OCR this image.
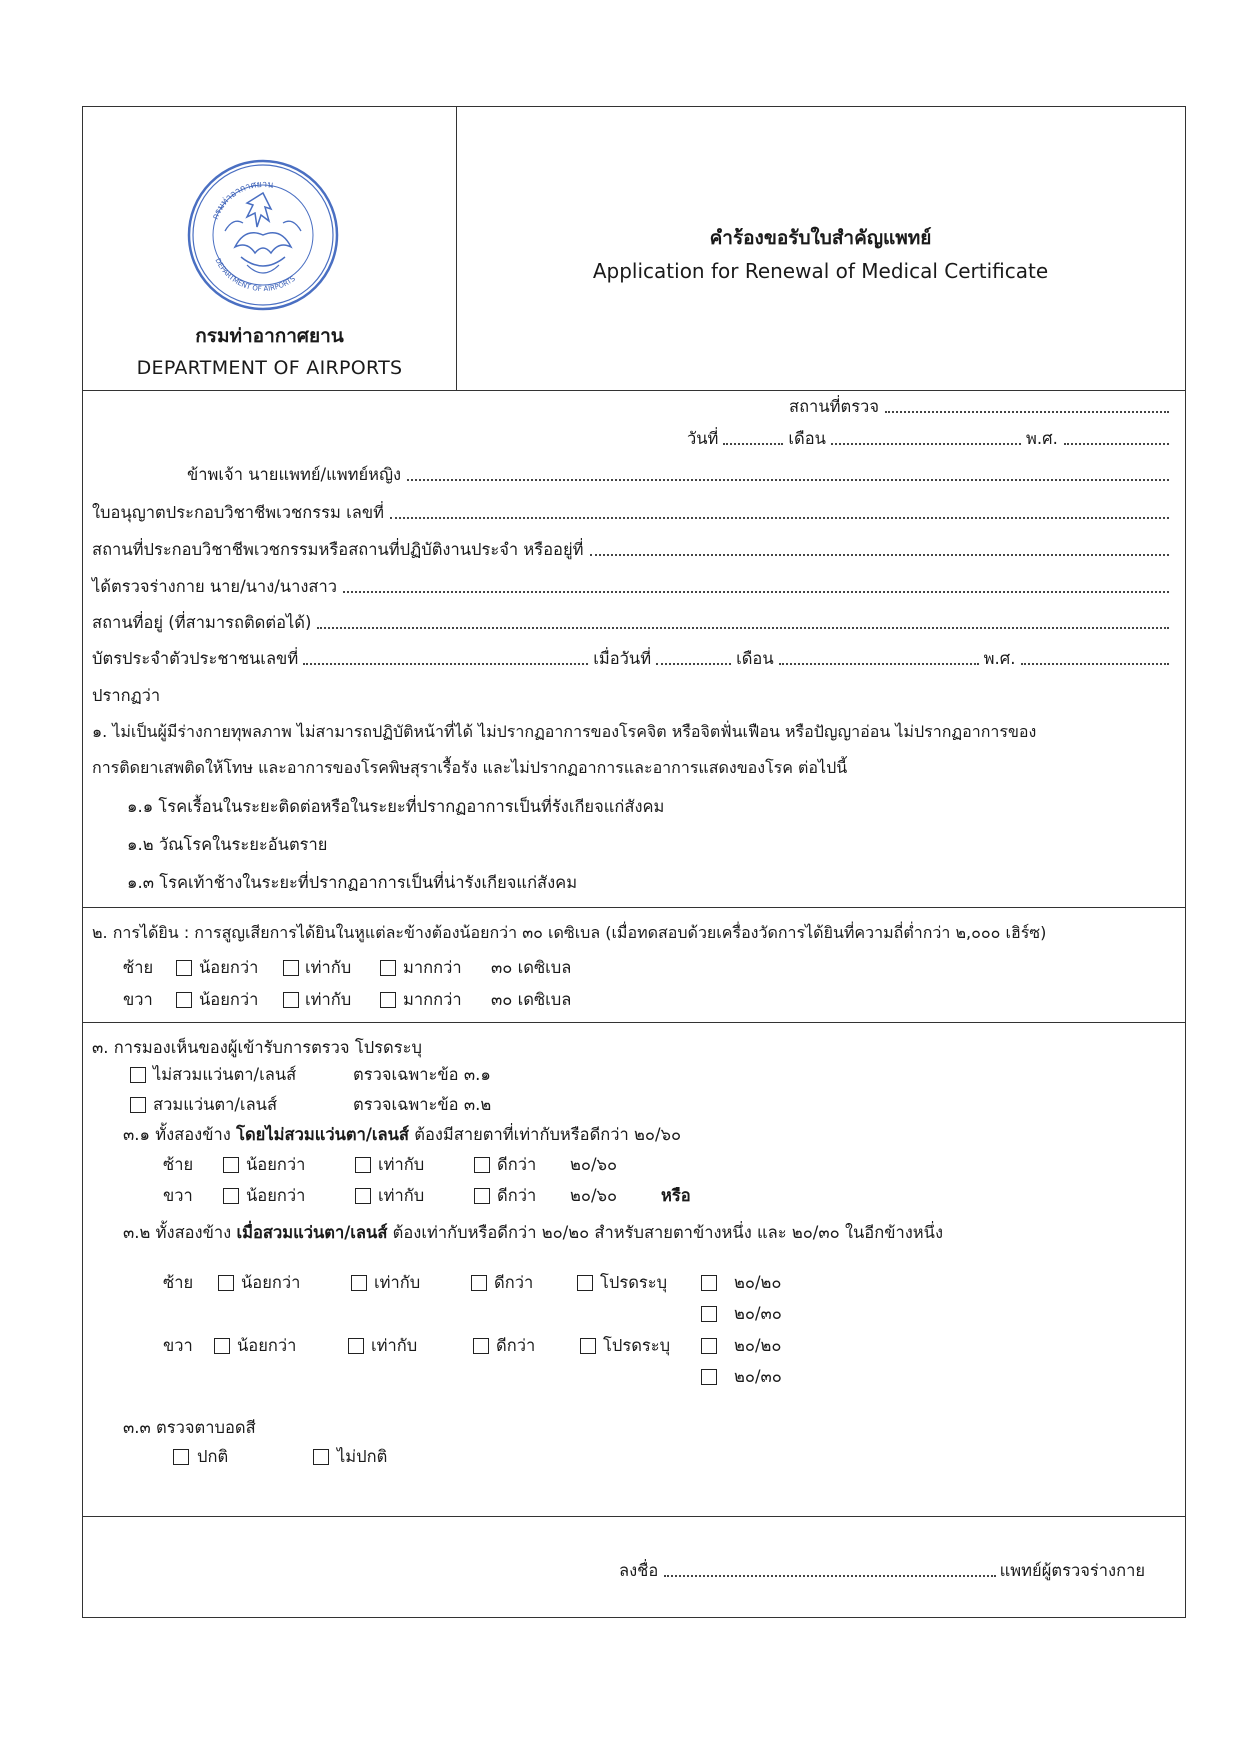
กรมท่าอากาศยาน
DEPARTMENT OF AIRPORTS
กรมท่าอากาศยาน
DEPARTMENT OF AIRPORTS
คำร้องขอรับใบสำคัญแพทย์
Application for Renewal of Medical Certificate
สถานที่ตรวจ
วันที่	เดือน	พ.ศ.
ข้าพเจ้า นายแพทย์/แพทย์หญิง
ใบอนุญาตประกอบวิชาชีพเวชกรรม เลขที่
สถานที่ประกอบวิชาชีพเวชกรรมหรือสถานที่ปฏิบัติงานประจำ หรืออยู่ที่
ได้ตรวจร่างกาย นาย/นาง/นางสาว
สถานที่อยู่ (ที่สามารถติดต่อได้)
บัตรประจำตัวประชาชนเลขที่	เมื่อวันที่	เดือน	พ.ศ.
ปรากฏว่า
๑. ไม่เป็นผู้มีร่างกายทุพลภาพ ไม่สามารถปฏิบัติหน้าที่ได้ ไม่ปรากฏอาการของโรคจิต หรือจิตฟั่นเฟือน หรือปัญญาอ่อน ไม่ปรากฏอาการของ
การติดยาเสพติดให้โทษ และอาการของโรคพิษสุราเรื้อรัง และไม่ปรากฏอาการและอาการแสดงของโรค ต่อไปนี้
๑.๑ โรคเรื้อนในระยะติดต่อหรือในระยะที่ปรากฏอาการเป็นที่รังเกียจแก่สังคม
๑.๒ วัณโรคในระยะอันตราย
๑.๓ โรคเท้าช้างในระยะที่ปรากฏอาการเป็นที่น่ารังเกียจแก่สังคม
๒. การได้ยิน : การสูญเสียการได้ยินในหูแต่ละข้างต้องน้อยกว่า ๓๐ เดซิเบล (เมื่อทดสอบด้วยเครื่องวัดการได้ยินที่ความถี่ต่ำกว่า ๒,๐๐๐ เฮิร์ซ)
ซ้าย	น้อยกว่า	เท่ากับ	มากกว่า ๓๐ เดซิเบล
ขวา	น้อยกว่า	เท่ากับ	มากกว่า ๓๐ เดซิเบล
๓. การมองเห็นของผู้เข้ารับการตรวจ โปรดระบุ
ไม่สวมแว่นตา/เลนส์	ตรวจเฉพาะข้อ ๓.๑
สวมแว่นตา/เลนส์	ตรวจเฉพาะข้อ ๓.๒
๓.๑ ทั้งสองข้าง โดยไม่สวมแว่นตา/เลนส์ ต้องมีสายตาที่เท่ากับหรือดีกว่า ๒๐/๖๐
ซ้าย	น้อยกว่า	เท่ากับ	ดีกว่า ๒๐/๖๐
ขวา	น้อยกว่า	เท่ากับ	ดีกว่า ๒๐/๖๐	หรือ
๓.๒ ทั้งสองข้าง เมื่อสวมแว่นตา/เลนส์ ต้องเท่ากับหรือดีกว่า ๒๐/๒๐ สำหรับสายตาข้างหนึ่ง และ ๒๐/๓๐ ในอีกข้างหนึ่ง
ซ้าย	น้อยกว่า	เท่ากับ	ดีกว่า	โปรดระบุ	๒๐/๒๐
๒๐/๓๐
ขวา	น้อยกว่า	เท่ากับ	ดีกว่า	โปรดระบุ	๒๐/๒๐
๒๐/๓๐
๓.๓ ตรวจตาบอดสี
ปกติ	ไม่ปกติ
ลงชื่อ	แพทย์ผู้ตรวจร่างกาย
